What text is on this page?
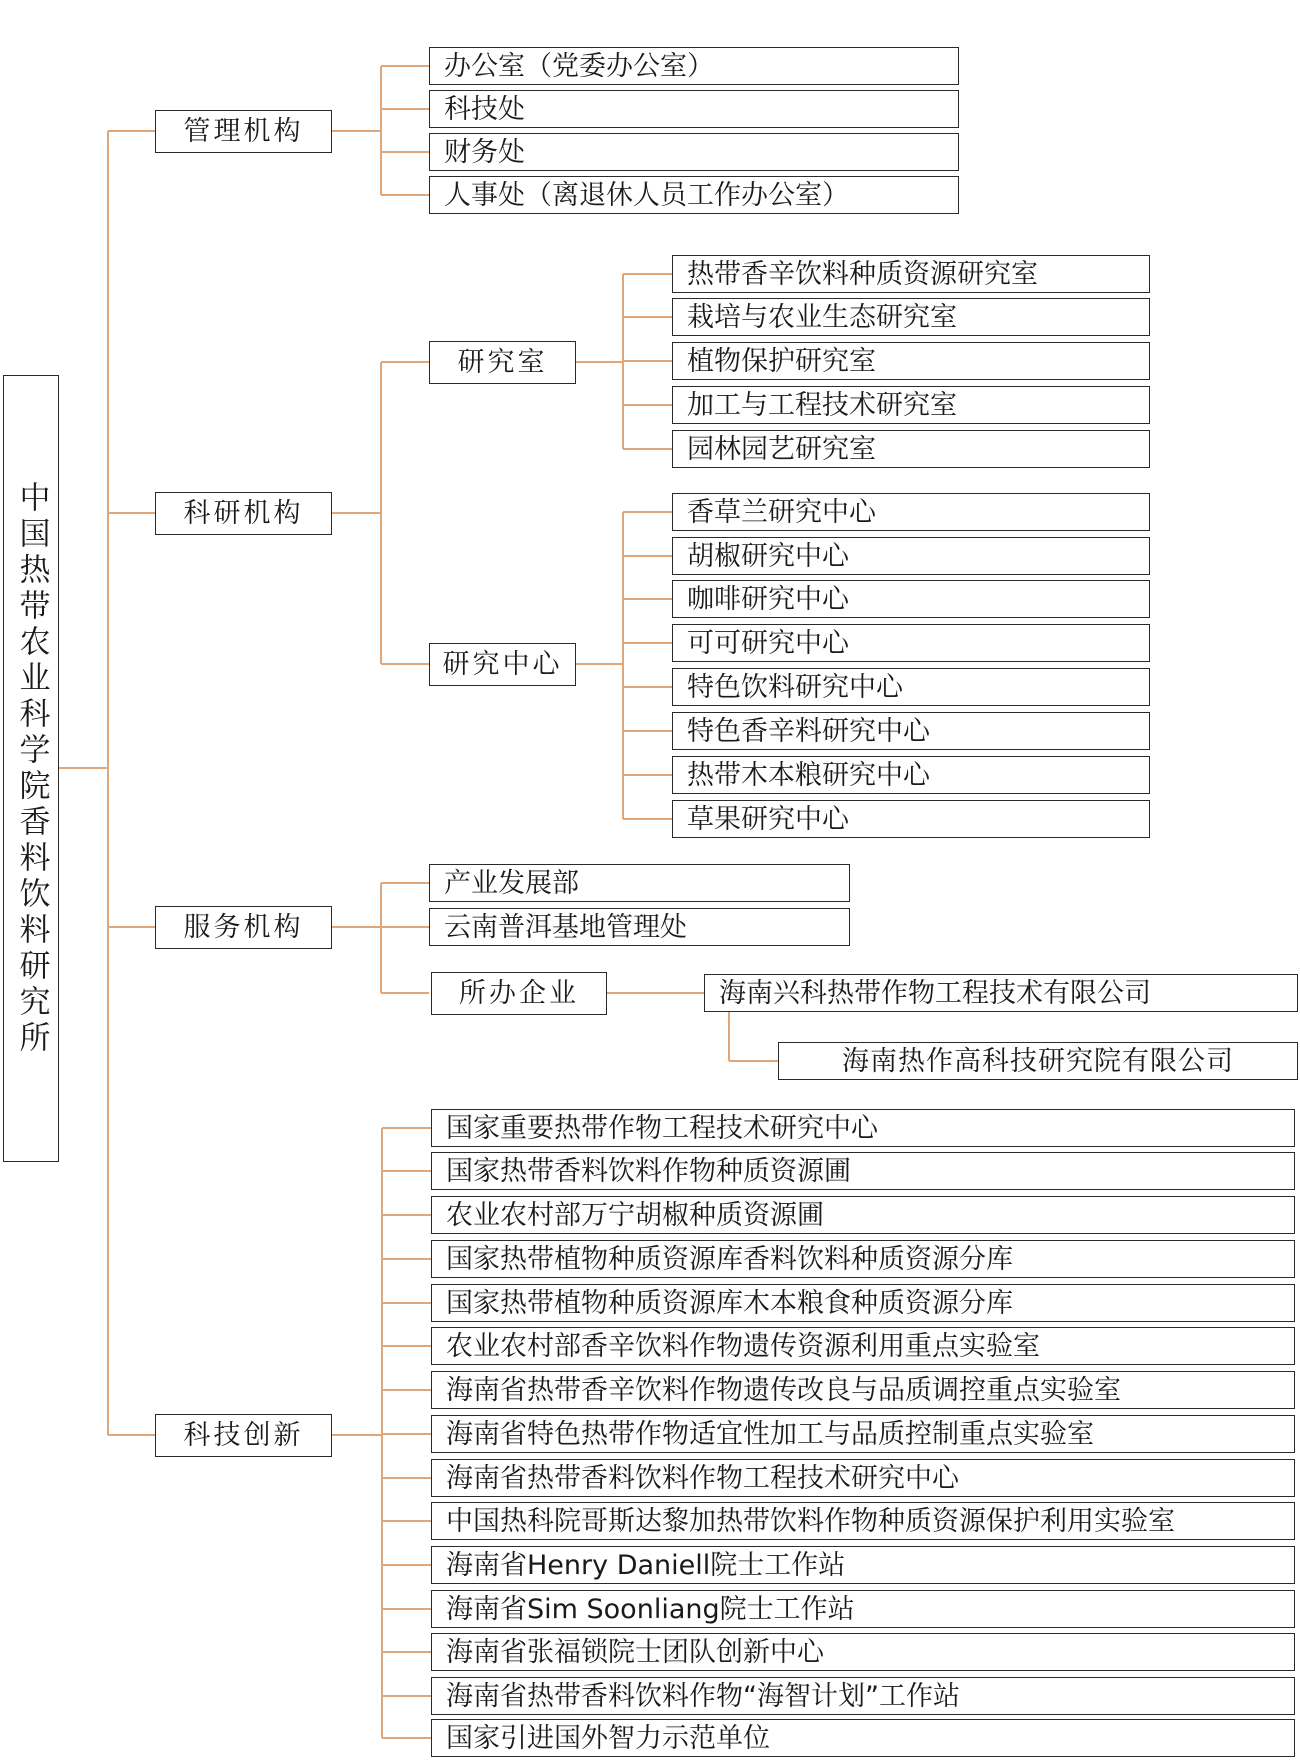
中国热带农业科学院香料饮料研究所
管理机构
办公室（党委办公室）
科技处
财务处
人事处（离退休人员工作办公室）
科研机构
研究室
热带香辛饮料种质资源研究室
栽培与农业生态研究室
植物保护研究室
加工与工程技术研究室
园林园艺研究室
研究中心
香草兰研究中心
胡椒研究中心
咖啡研究中心
可可研究中心
特色饮料研究中心
特色香辛料研究中心
热带木本粮研究中心
草果研究中心
服务机构
产业发展部
云南普洱基地管理处
所办企业	海南兴科热带作物工程技术有限公司
海南热作高科技研究院有限公司
科技创新
国家重要热带作物工程技术研究中心
国家热带香料饮料作物种质资源圃
农业农村部万宁胡椒种质资源圃
国家热带植物种质资源库香料饮料种质资源分库
国家热带植物种质资源库木本粮食种质资源分库
农业农村部香辛饮料作物遗传资源利用重点实验室
海南省热带香辛饮料作物遗传改良与品质调控重点实验室
海南省特色热带作物适宜性加工与品质控制重点实验室
海南省热带香料饮料作物工程技术研究中心
中国热科院哥斯达黎加热带饮料作物种质资源保护利用实验室
海南省Henry Daniell院士工作站
海南省Sim Soonliang院士工作站
海南省张福锁院士团队创新中心
海南省热带香料饮料作物“海智计划”工作站
国家引进国外智力示范单位
